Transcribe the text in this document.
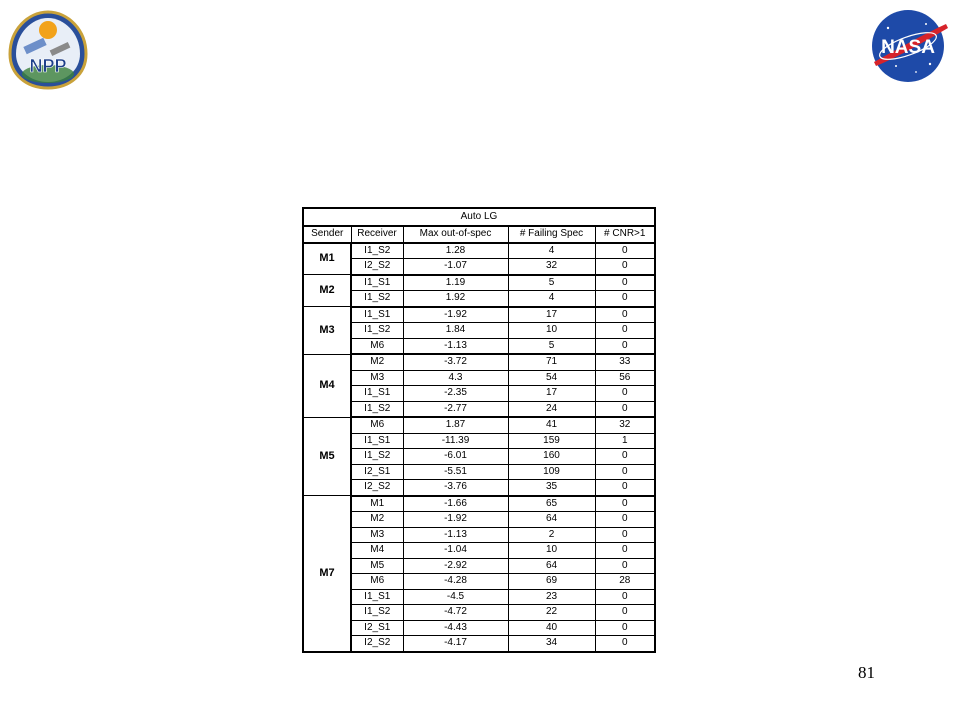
NPP
NASA
Auto LG				
Sender	Receiver	Max out-of-spec	# Failing Spec	# CNR>1
M1	I1_S2	1.28	4	0
	I2_S2	-1.07	32	0
M2	I1_S1	1.19	5	0
	I1_S2	1.92	4	0
M3	I1_S1	-1.92	17	0
	I1_S2	1.84	10	0
	M6	-1.13	5	0
M4	M2	-3.72	71	33
	M3	4.3	54	56
	I1_S1	-2.35	17	0
	I1_S2	-2.77	24	0
M5	M6	1.87	41	32
	I1_S1	-11.39	159	1
	I1_S2	-6.01	160	0
	I2_S1	-5.51	109	0
	I2_S2	-3.76	35	0
M7	M1	-1.66	65	0
	M2	-1.92	64	0
	M3	-1.13	2	0
	M4	-1.04	10	0
	M5	-2.92	64	0
	M6	-4.28	69	28
	I1_S1	-4.5	23	0
	I1_S2	-4.72	22	0
	I2_S1	-4.43	40	0
	I2_S2	-4.17	34	0
81
